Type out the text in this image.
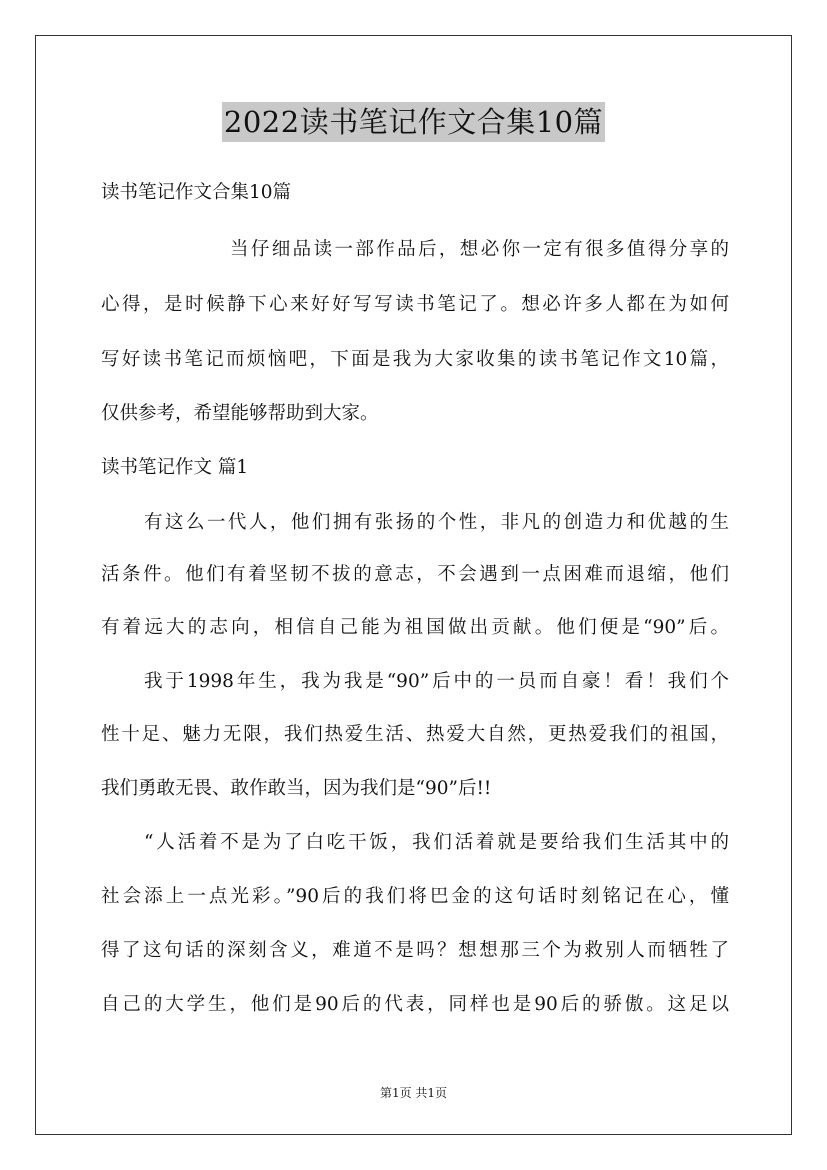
2022读书笔记作文合集10篇
读书笔记作文合集10篇
当仔细品读一部作品后，想必你一定有很多值得分享的
心得，是时候静下心来好好写写读书笔记了。想必许多人都在为如何
写好读书笔记而烦恼吧，下面是我为大家收集的读书笔记作文10篇，
仅供参考，希望能够帮助到大家。
读书笔记作文 篇1
有这么一代人，他们拥有张扬的个性，非凡的创造力和优越的生
活条件。他们有着坚韧不拔的意志，不会遇到一点困难而退缩，他们
有着远大的志向，相信自己能为祖国做出贡献。他们便是“90”后。
我于1998年生，我为我是“90”后中的一员而自豪！看！我们个
性十足、魅力无限，我们热爱生活、热爱大自然，更热爱我们的祖国，
我们勇敢无畏、敢作敢当，因为我们是“90”后!!
“人活着不是为了白吃干饭，我们活着就是要给我们生活其中的
社会添上一点光彩。”90后的我们将巴金的这句话时刻铭记在心，懂
得了这句话的深刻含义，难道不是吗？想想那三个为救别人而牺牲了
自己的大学生，他们是90后的代表，同样也是90后的骄傲。这足以
第1页 共1页
